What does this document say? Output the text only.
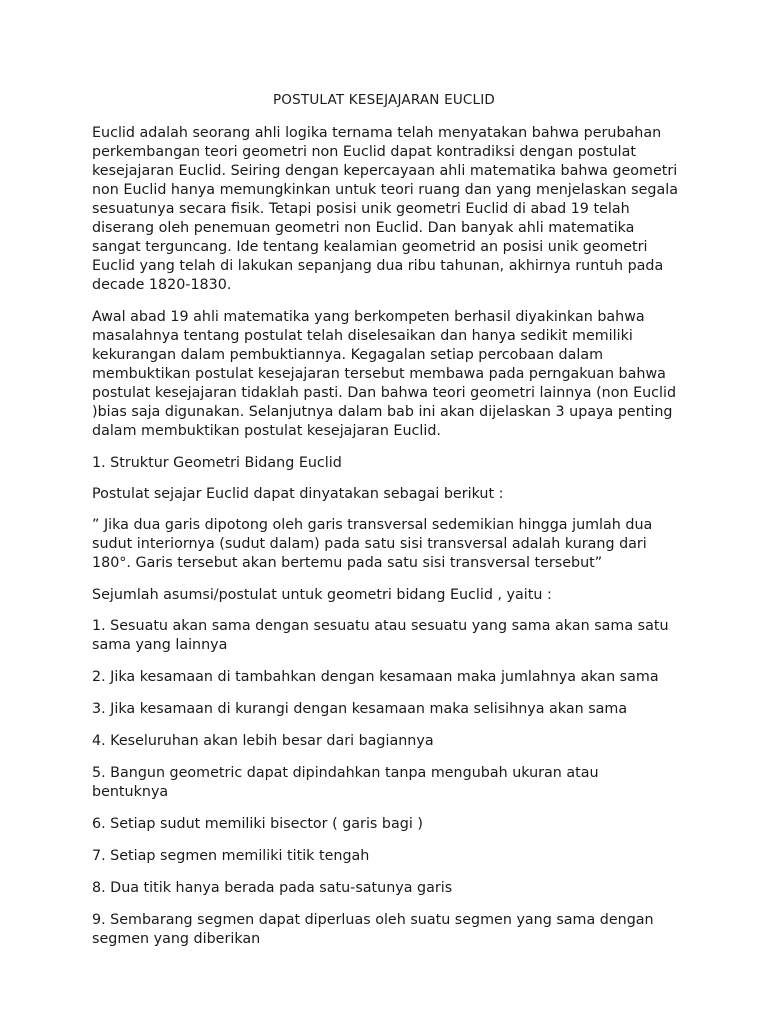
POSTULAT KESEJAJARAN EUCLID

Euclid adalah seorang ahli logika ternama telah menyatakan bahwa perubahan perkembangan teori geometri non Euclid dapat kontradiksi dengan postulat kesejajaran Euclid. Seiring dengan kepercayaan ahli matematika bahwa geometri non Euclid hanya memungkinkan untuk teori ruang dan yang menjelaskan segala sesuatunya secara fisik. Tetapi posisi unik geometri Euclid di abad 19 telah diserang oleh penemuan geometri non Euclid. Dan banyak ahli matematika sangat terguncang. Ide tentang kealamian geometrid an posisi unik geometri Euclid yang telah di lakukan sepanjang dua ribu tahunan, akhirnya runtuh pada decade 1820-1830.

Awal abad 19 ahli matematika yang berkompeten berhasil diyakinkan bahwa masalahnya tentang postulat telah diselesaikan dan hanya sedikit memiliki kekurangan dalam pembuktiannya. Kegagalan setiap percobaan dalam membuktikan postulat kesejajaran tersebut membawa pada perngakuan bahwa postulat kesejajaran tidaklah pasti. Dan bahwa teori geometri lainnya (non Euclid )bias saja digunakan. Selanjutnya dalam bab ini akan dijelaskan 3 upaya penting dalam membuktikan postulat kesejajaran Euclid.

1. Struktur Geometri Bidang Euclid

Postulat sejajar Euclid dapat dinyatakan sebagai berikut :

” Jika dua garis dipotong oleh garis transversal sedemikian hingga jumlah dua sudut interiornya (sudut dalam) pada satu sisi transversal adalah kurang dari 180°. Garis tersebut akan bertemu pada satu sisi transversal tersebut”

Sejumlah asumsi/postulat untuk geometri bidang Euclid , yaitu :

1. Sesuatu akan sama dengan sesuatu atau sesuatu yang sama akan sama satu sama yang lainnya

2. Jika kesamaan di tambahkan dengan kesamaan maka jumlahnya akan sama

3. Jika kesamaan di kurangi dengan kesamaan maka selisihnya akan sama

4. Keseluruhan akan lebih besar dari bagiannya

5. Bangun geometric dapat dipindahkan tanpa mengubah ukuran atau bentuknya

6. Setiap sudut memiliki bisector ( garis bagi )

7. Setiap segmen memiliki titik tengah

8. Dua titik hanya berada pada satu-satunya garis

9. Sembarang segmen dapat diperluas oleh suatu segmen yang sama dengan segmen yang diberikan
